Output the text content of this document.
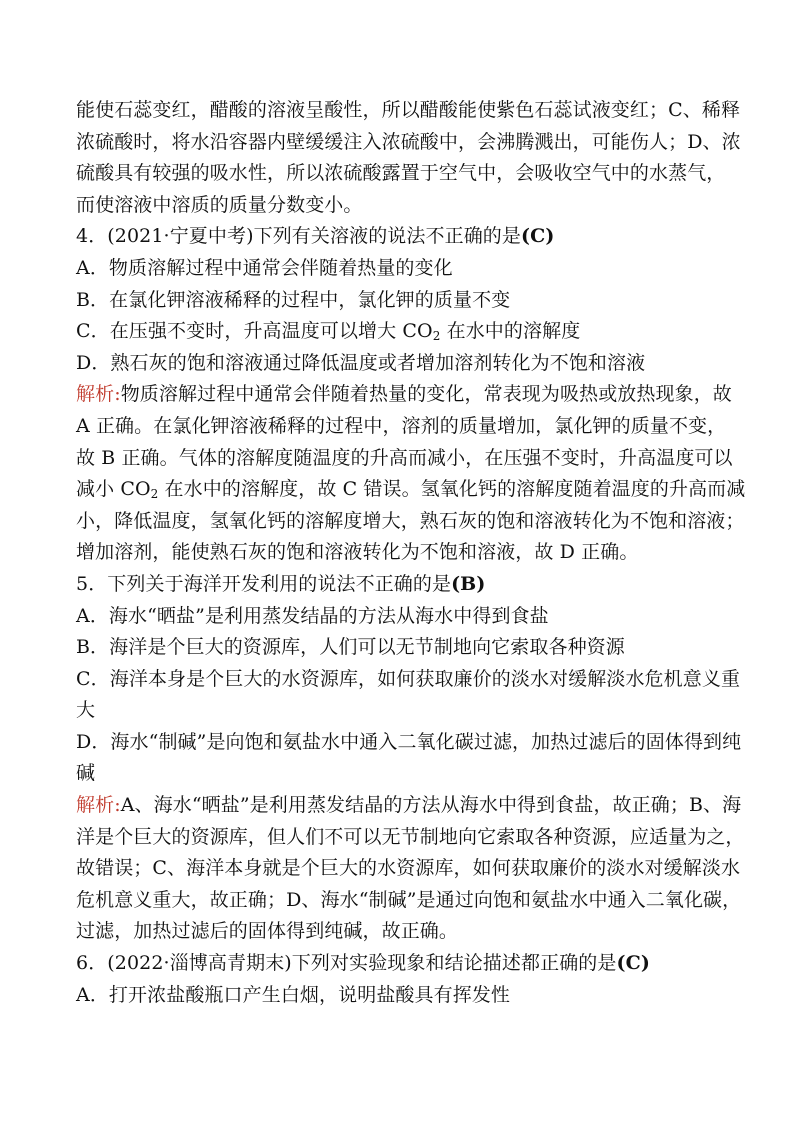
能使石蕊变红，醋酸的溶液呈酸性，所以醋酸能使紫色石蕊试液变红；C、稀释
浓硫酸时，将水沿容器内壁缓缓注入浓硫酸中，会沸腾溅出，可能伤人；D、浓
硫酸具有较强的吸水性，所以浓硫酸露置于空气中，会吸收空气中的水蒸气，
而使溶液中溶质的质量分数变小。
4．(2021·宁夏中考)下列有关溶液的说法不正确的是(C)
A．物质溶解过程中通常会伴随着热量的变化
B．在氯化钾溶液稀释的过程中，氯化钾的质量不变
C．在压强不变时，升高温度可以增大 $CO_2$ 在水中的溶解度
D．熟石灰的饱和溶液通过降低温度或者增加溶剂转化为不饱和溶液
解析:物质溶解过程中通常会伴随着热量的变化，常表现为吸热或放热现象，故
A 正确。在氯化钾溶液稀释的过程中，溶剂的质量增加，氯化钾的质量不变，
故 B 正确。气体的溶解度随温度的升高而减小，在压强不变时，升高温度可以
减小 $CO_2$ 在水中的溶解度，故 C 错误。氢氧化钙的溶解度随着温度的升高而减
小，降低温度，氢氧化钙的溶解度增大，熟石灰的饱和溶液转化为不饱和溶液；
增加溶剂，能使熟石灰的饱和溶液转化为不饱和溶液，故 D 正确。
5．下列关于海洋开发利用的说法不正确的是(B)
A．海水“晒盐”是利用蒸发结晶的方法从海水中得到食盐
B．海洋是个巨大的资源库，人们可以无节制地向它索取各种资源
C．海洋本身是个巨大的水资源库，如何获取廉价的淡水对缓解淡水危机意义重
大
D．海水“制碱”是向饱和氨盐水中通入二氧化碳过滤，加热过滤后的固体得到纯
碱
解析:A、海水“晒盐”是利用蒸发结晶的方法从海水中得到食盐，故正确；B、海
洋是个巨大的资源库，但人们不可以无节制地向它索取各种资源，应适量为之，
故错误；C、海洋本身就是个巨大的水资源库，如何获取廉价的淡水对缓解淡水
危机意义重大，故正确；D、海水“制碱”是通过向饱和氨盐水中通入二氧化碳，
过滤，加热过滤后的固体得到纯碱，故正确。
6．(2022·淄博高青期末)下列对实验现象和结论描述都正确的是(C)
A．打开浓盐酸瓶口产生白烟，说明盐酸具有挥发性
